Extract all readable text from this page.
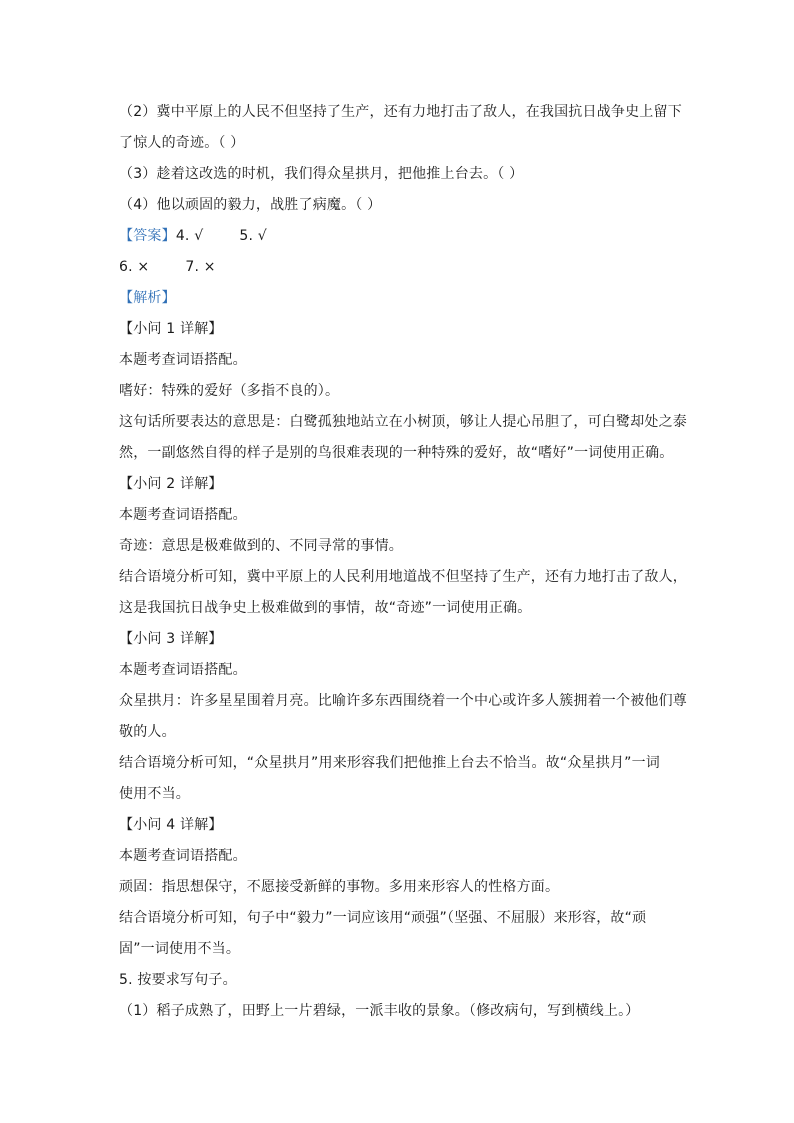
（2）冀中平原上的人民不但坚持了生产，还有力地打击了敌人，在我国抗日战争史上留下
了惊人的奇迹。（ ）
（3）趁着这改选的时机，我们得众星拱月，把他推上台去。（ ）
（4）他以顽固的毅力，战胜了病魔。（ ）
【答案】4. √	5. √
6. ×	7. ×
【解析】
【小问 1 详解】
本题考查词语搭配。
嗜好：特殊的爱好（多指不良的）。
这句话所要表达的意思是：白鹭孤独地站立在小树顶，够让人提心吊胆了，可白鹭却处之泰
然，一副悠然自得的样子是别的鸟很难表现的一种特殊的爱好，故“嗜好”一词使用正确。
【小问 2 详解】
本题考查词语搭配。
奇迹：意思是极难做到的、不同寻常的事情。
结合语境分析可知，冀中平原上的人民利用地道战不但坚持了生产，还有力地打击了敌人，
这是我国抗日战争史上极难做到的事情，故“奇迹”一词使用正确。
【小问 3 详解】
本题考查词语搭配。
众星拱月：许多星星围着月亮。比喻许多东西围绕着一个中心或许多人簇拥着一个被他们尊
敬的人。
结合语境分析可知，“众星拱月”用来形容我们把他推上台去不恰当。故“众星拱月”一词
使用不当。
【小问 4 详解】
本题考查词语搭配。
顽固：指思想保守，不愿接受新鲜的事物。多用来形容人的性格方面。
结合语境分析可知，句子中“毅力”一词应该用“顽强”（坚强、不屈服）来形容，故“顽
固”一词使用不当。
5. 按要求写句子。
（1）稻子成熟了，田野上一片碧绿，一派丰收的景象。（修改病句，写到横线上。）
